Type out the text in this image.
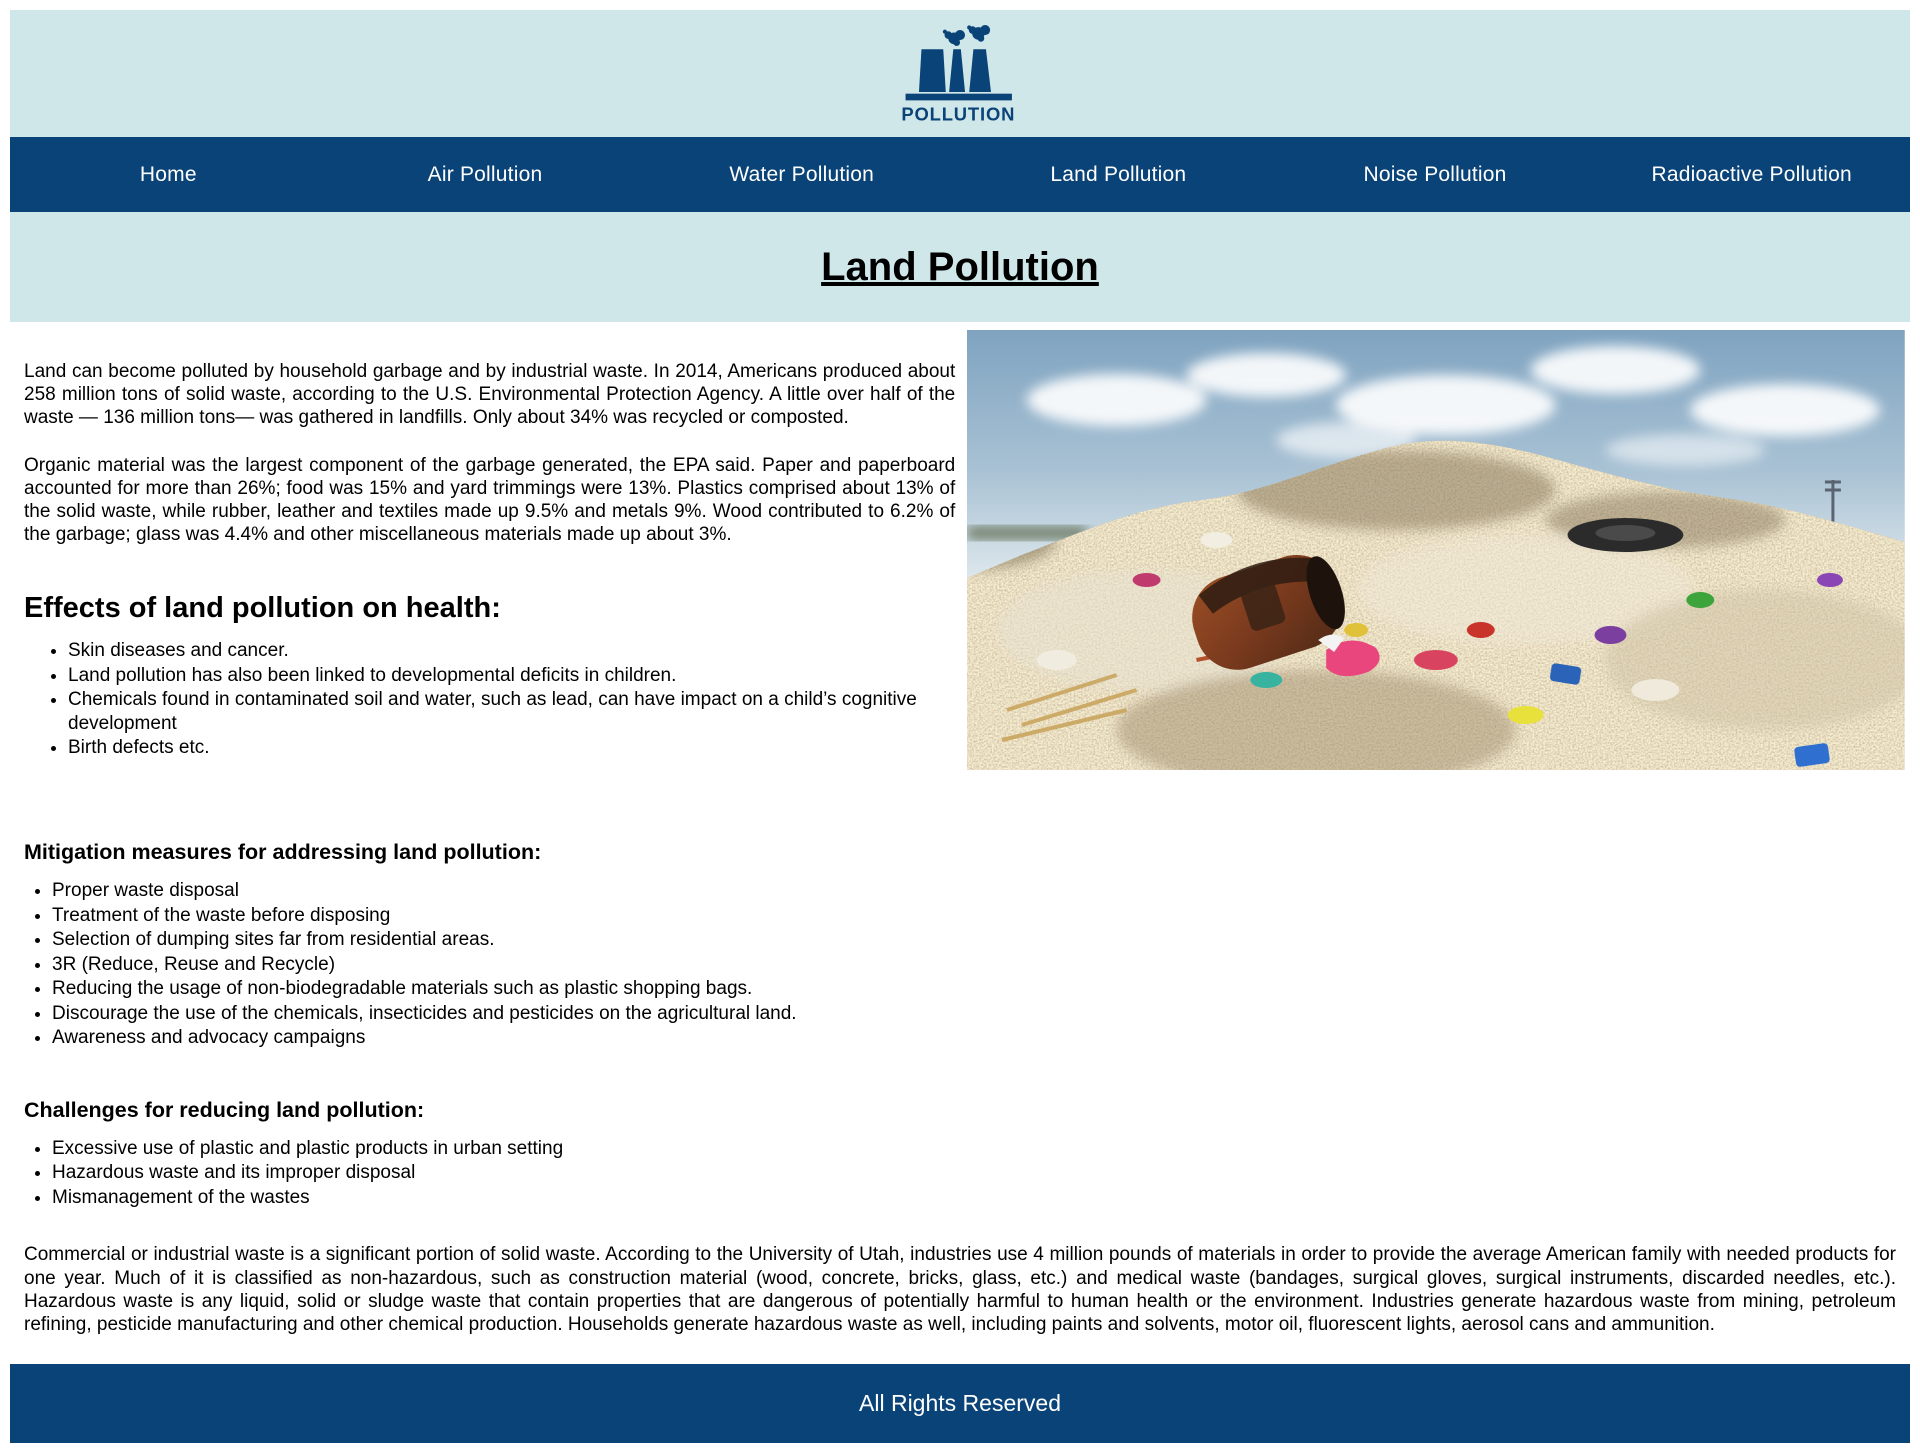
POLLUTION
Home	Air Pollution	Water Pollution	Land Pollution	Noise Pollution	Radioactive Pollution
Land Pollution

Land can become polluted by household garbage and by industrial waste. In 2014, Americans produced about 258 million tons of solid waste, according to the U.S. Environmental Protection Agency. A little over half of the waste — 136 million tons— was gathered in landfills. Only about 34% was recycled or composted.

Organic material was the largest component of the garbage generated, the EPA said. Paper and paperboard accounted for more than 26%; food was 15% and yard trimmings were 13%. Plastics comprised about 13% of the solid waste, while rubber, leather and textiles made up 9.5% and metals 9%. Wood contributed to 6.2% of the garbage; glass was 4.4% and other miscellaneous materials made up about 3%.

Effects of land pollution on health:
• Skin diseases and cancer.
• Land pollution has also been linked to developmental deficits in children.
• Chemicals found in contaminated soil and water, such as lead, can have impact on a child’s cognitive development
• Birth defects etc.
Mitigation measures for addressing land pollution:
• Proper waste disposal
• Treatment of the waste before disposing
• Selection of dumping sites far from residential areas.
• 3R (Reduce, Reuse and Recycle)
• Reducing the usage of non-biodegradable materials such as plastic shopping bags.
• Discourage the use of the chemicals, insecticides and pesticides on the agricultural land.
• Awareness and advocacy campaigns
Challenges for reducing land pollution:
• Excessive use of plastic and plastic products in urban setting
• Hazardous waste and its improper disposal
• Mismanagement of the wastes

Commercial or industrial waste is a significant portion of solid waste. According to the University of Utah, industries use 4 million pounds of materials in order to provide the average American family with needed products for one year. Much of it is classified as non-hazardous, such as construction material (wood, concrete, bricks, glass, etc.) and medical waste (bandages, surgical gloves, surgical instruments, discarded needles, etc.). Hazardous waste is any liquid, solid or sludge waste that contain properties that are dangerous of potentially harmful to human health or the environment. Industries generate hazardous waste from mining, petroleum refining, pesticide manufacturing and other chemical production. Households generate hazardous waste as well, including paints and solvents, motor oil, fluorescent lights, aerosol cans and ammunition.

All Rights Reserved
